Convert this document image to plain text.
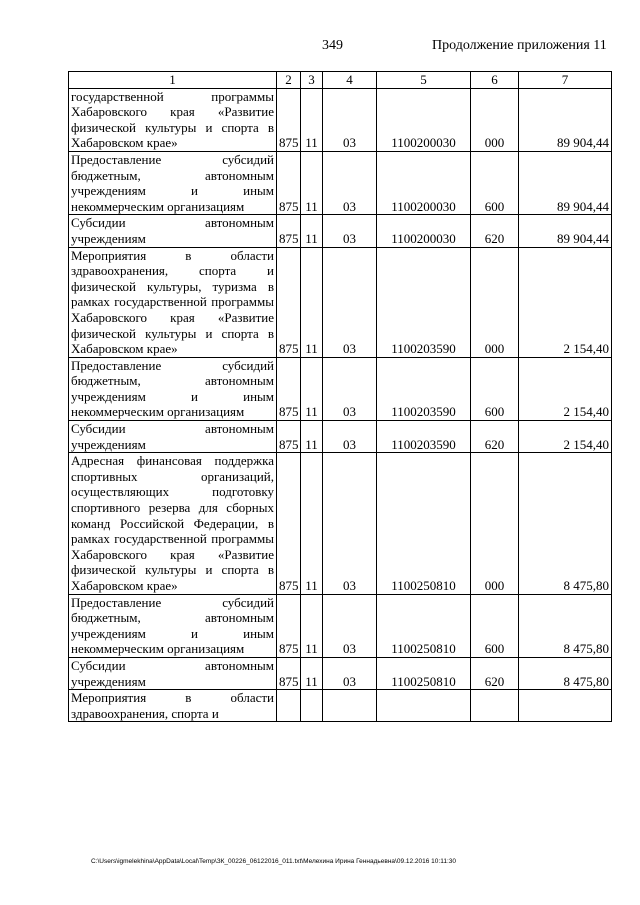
349	Продолжение приложения 11
1	2	3	4	5	6	7
государственной программы Хабаровского края «Развитие физической культуры и спорта в Хабаровском крае»	875	11	03	1100200030	000	89 904,44
Предоставление субсидий бюджетным, автономным учреждениям и иным некоммерческим организациям	875	11	03	1100200030	600	89 904,44
Субсидии автономным учреждениям	875	11	03	1100200030	620	89 904,44
Мероприятия в области здравоохранения, спорта и физической культуры, туризма в рамках государственной программы Хабаровского края «Развитие физической культуры и спорта в Хабаровском крае»	875	11	03	1100203590	000	2 154,40
Предоставление субсидий бюджетным, автономным учреждениям и иным некоммерческим организациям	875	11	03	1100203590	600	2 154,40
Субсидии автономным учреждениям	875	11	03	1100203590	620	2 154,40
Адресная финансовая поддержка спортивных организаций, осуществляющих подготовку спортивного резерва для сборных команд Российской Федерации, в рамках государственной программы Хабаровского края «Развитие физической культуры и спорта в Хабаровском крае»	875	11	03	1100250810	000	8 475,80
Предоставление субсидий бюджетным, автономным учреждениям и иным некоммерческим организациям	875	11	03	1100250810	600	8 475,80
Субсидии автономным учреждениям	875	11	03	1100250810	620	8 475,80
Мероприятия в области здравоохранения, спорта и						
C:\Users\igmelekhina\AppData\Local\Temp\ЗК_00226_06122016_011.txt\Мелехина Ирина Геннадьевна\09.12.2016 10:11:30
